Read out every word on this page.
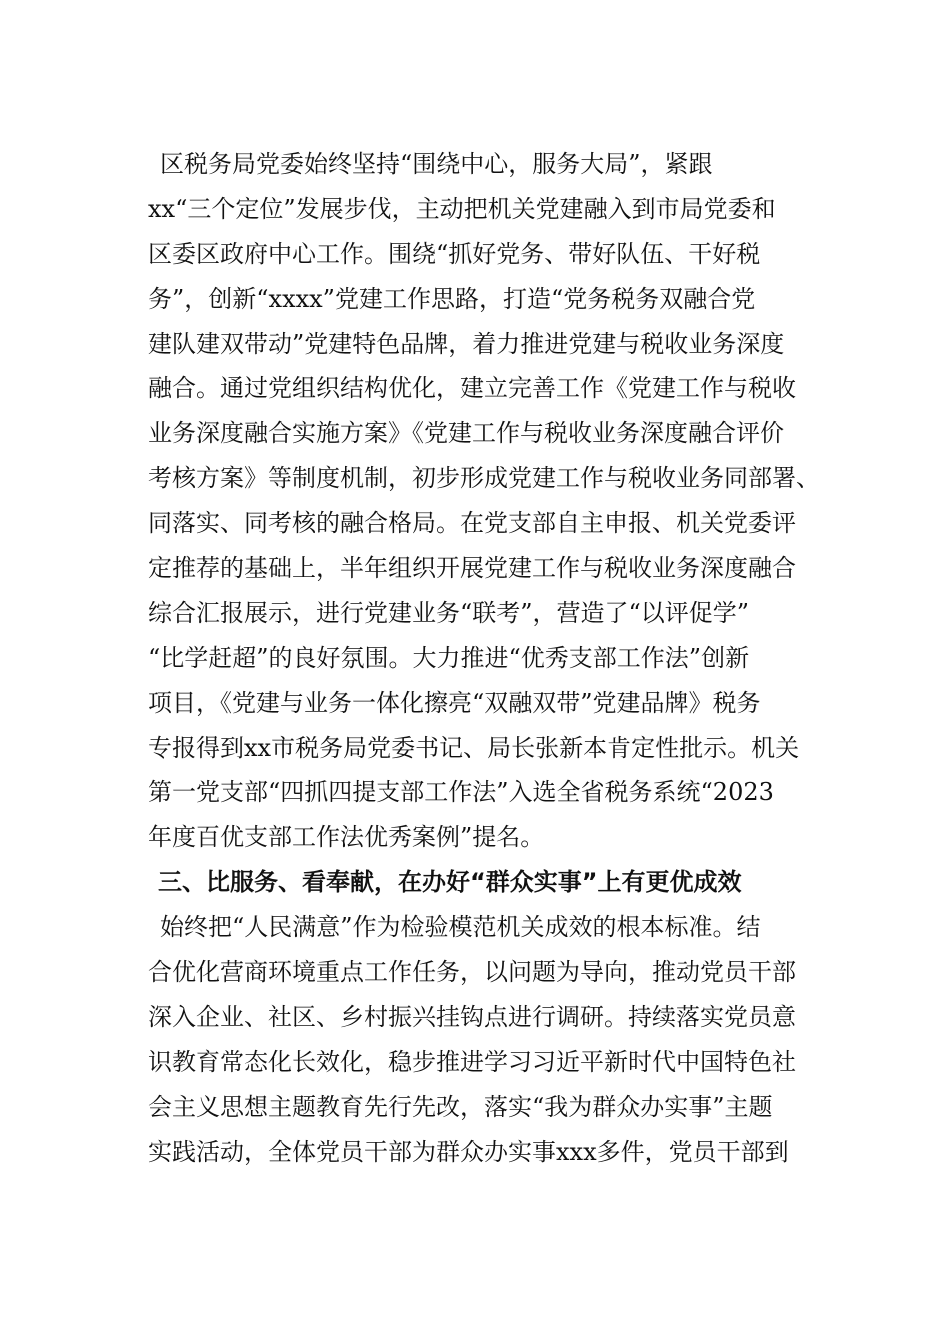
区税务局党委始终坚持“围绕中心，服务大局”，紧跟
xx“三个定位”发展步伐，主动把机关党建融入到市局党委和
区委区政府中心工作。围绕“抓好党务、带好队伍、干好税
务”，创新“xxxx”党建工作思路，打造“党务税务双融合党
建队建双带动”党建特色品牌，着力推进党建与税收业务深度
融合。通过党组织结构优化，建立完善工作《党建工作与税收
业务深度融合实施方案》《党建工作与税收业务深度融合评价
考核方案》等制度机制，初步形成党建工作与税收业务同部署、
同落实、同考核的融合格局。在党支部自主申报、机关党委评
定推荐的基础上，半年组织开展党建工作与税收业务深度融合
综合汇报展示，进行党建业务“联考”，营造了“以评促学”
“比学赶超”的良好氛围。大力推进“优秀支部工作法”创新
项目，《党建与业务一体化擦亮“双融双带”党建品牌》税务
专报得到xx市税务局党委书记、局长张新本肯定性批示。机关
第一党支部“四抓四提支部工作法”入选全省税务系统“2023
年度百优支部工作法优秀案例”提名。
三、比服务、看奉献，在办好“群众实事”上有更优成效
始终把“人民满意”作为检验模范机关成效的根本标准。结
合优化营商环境重点工作任务，以问题为导向，推动党员干部
深入企业、社区、乡村振兴挂钩点进行调研。持续落实党员意
识教育常态化长效化，稳步推进学习习近平新时代中国特色社
会主义思想主题教育先行先改，落实“我为群众办实事”主题
实践活动，全体党员干部为群众办实事xxx多件，党员干部到
